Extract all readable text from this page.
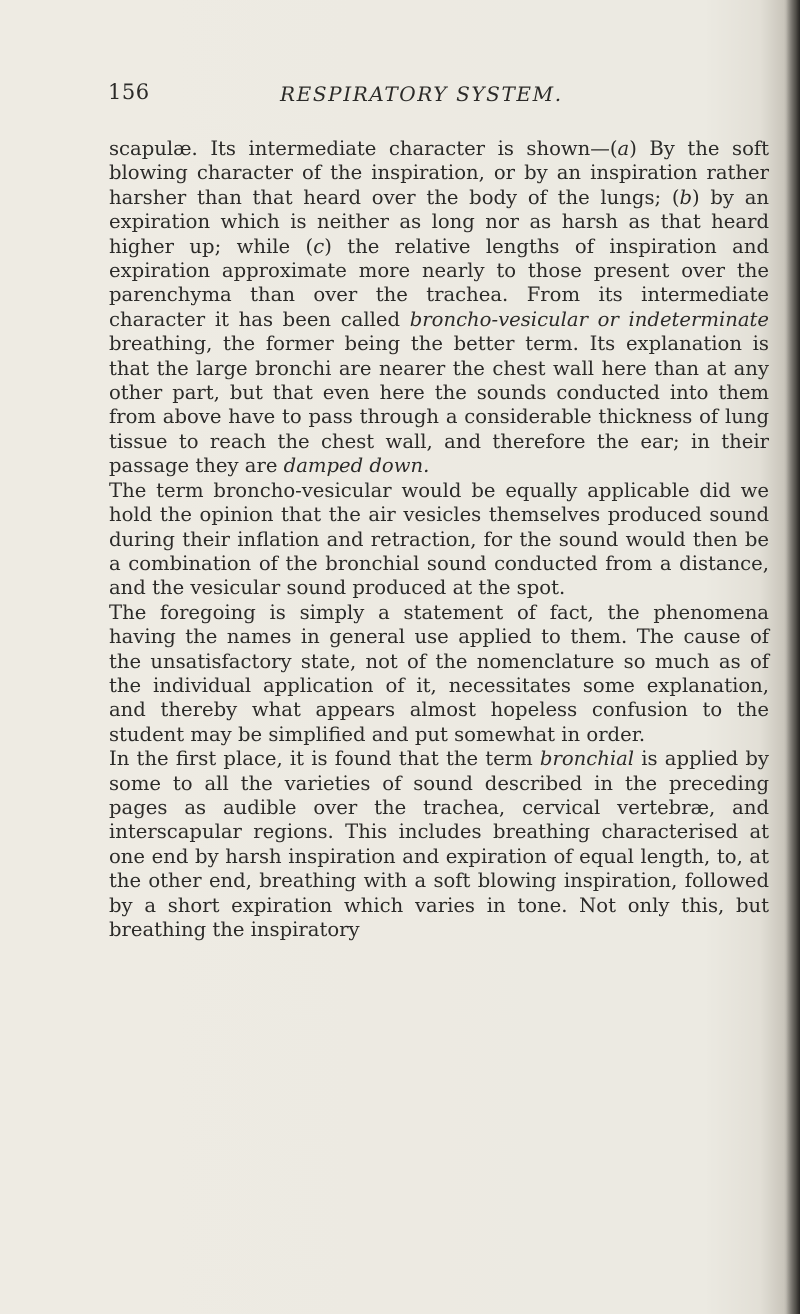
156	RESPIRATORY SYSTEM.

scapulæ. Its intermediate character is shown—(a) By the soft blowing character of the inspiration, or by an inspiration rather harsher than that heard over the body of the lungs; (b) by an expiration which is neither as long nor as harsh as that heard higher up; while (c) the relative lengths of inspiration and expiration approximate more nearly to those present over the parenchyma than over the trachea. From its intermediate character it has been called broncho-vesicular or indeterminate breathing, the former being the better term. Its explanation is that the large bronchi are nearer the chest wall here than at any other part, but that even here the sounds conducted into them from above have to pass through a considerable thickness of lung tissue to reach the chest wall, and therefore the ear; in their passage they are damped down.

The term broncho-vesicular would be equally applicable did we hold the opinion that the air vesicles themselves produced sound during their inflation and retraction, for the sound would then be a combination of the bronchial sound conducted from a distance, and the vesicular sound produced at the spot.

The foregoing is simply a statement of fact, the phenomena having the names in general use applied to them. The cause of the unsatisfactory state, not of the nomenclature so much as of the individual application of it, necessitates some explanation, and thereby what appears almost hopeless confusion to the student may be simplified and put somewhat in order.

In the first place, it is found that the term bronchial is applied by some to all the varieties of sound described in the preceding pages as audible over the trachea, cervical vertebræ, and interscapular regions. This includes breathing characterised at one end by harsh inspiration and expiration of equal length, to, at the other end, breathing with a soft blowing inspiration, followed by a short expiration which varies in tone. Not only this, but breathing the inspiratory
